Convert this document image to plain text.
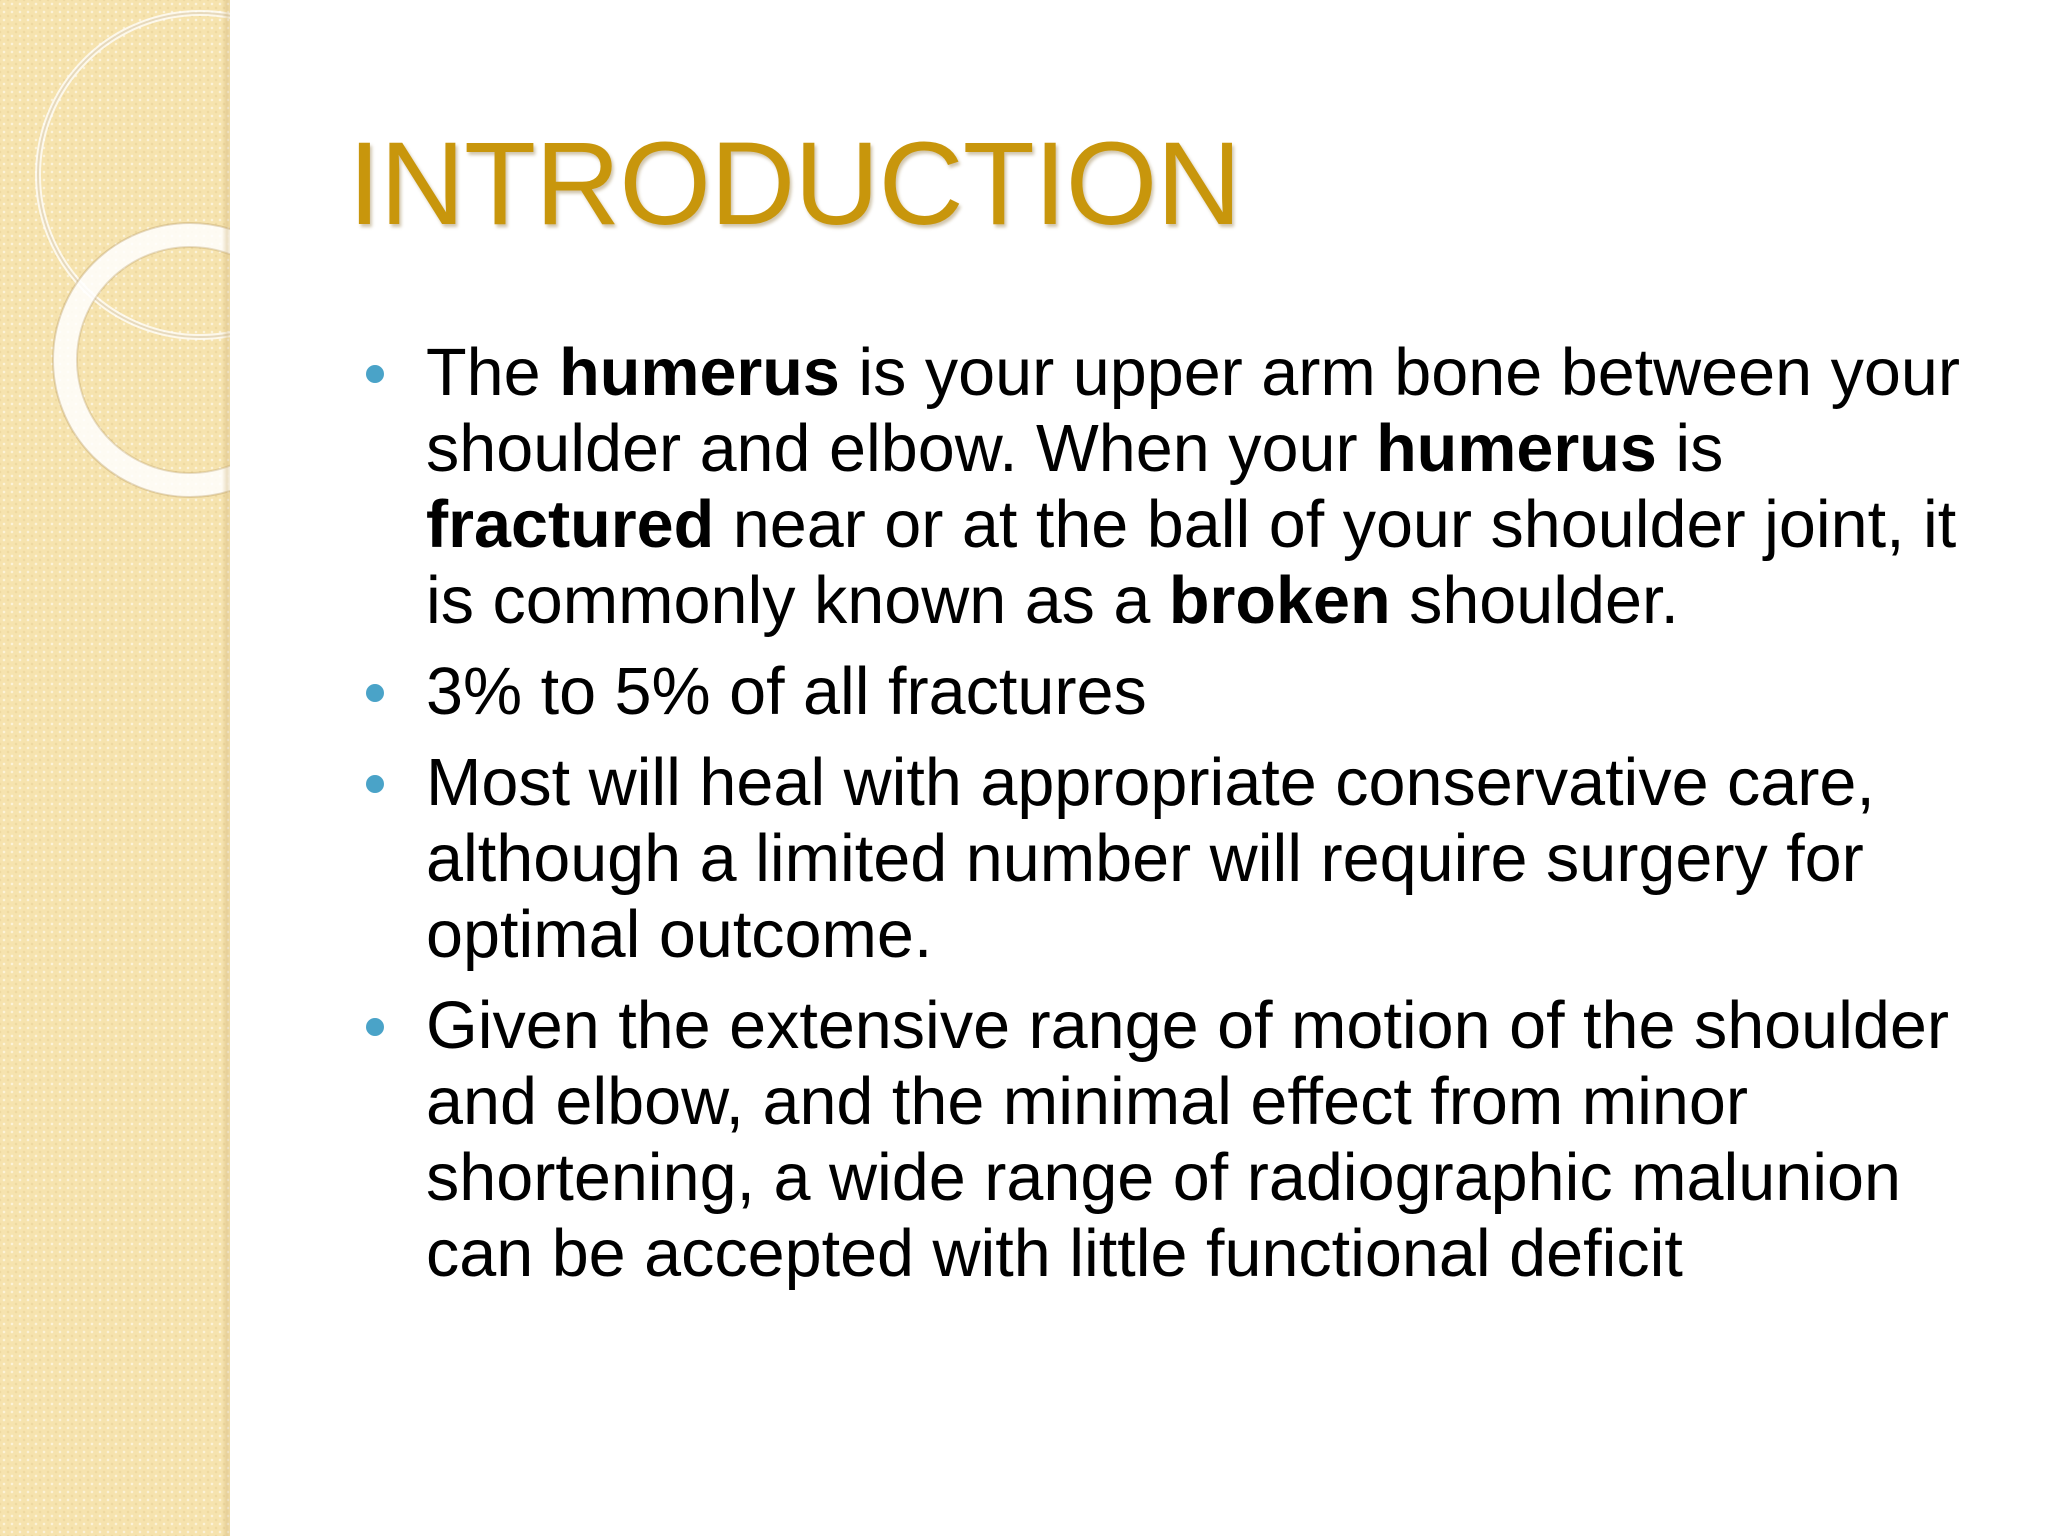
INTRODUCTION
The humerus is your upper arm bone between your shoulder and elbow. When your humerus is fractured near or at the ball of your shoulder joint, it is commonly known as a broken shoulder.
3% to 5% of all fractures
Most will heal with appropriate conservative care, although a limited number will require surgery for optimal outcome.
Given the extensive range of motion of the shoulder and elbow, and the minimal effect from minor shortening, a wide range of radiographic malunion can be accepted with little functional deficit
